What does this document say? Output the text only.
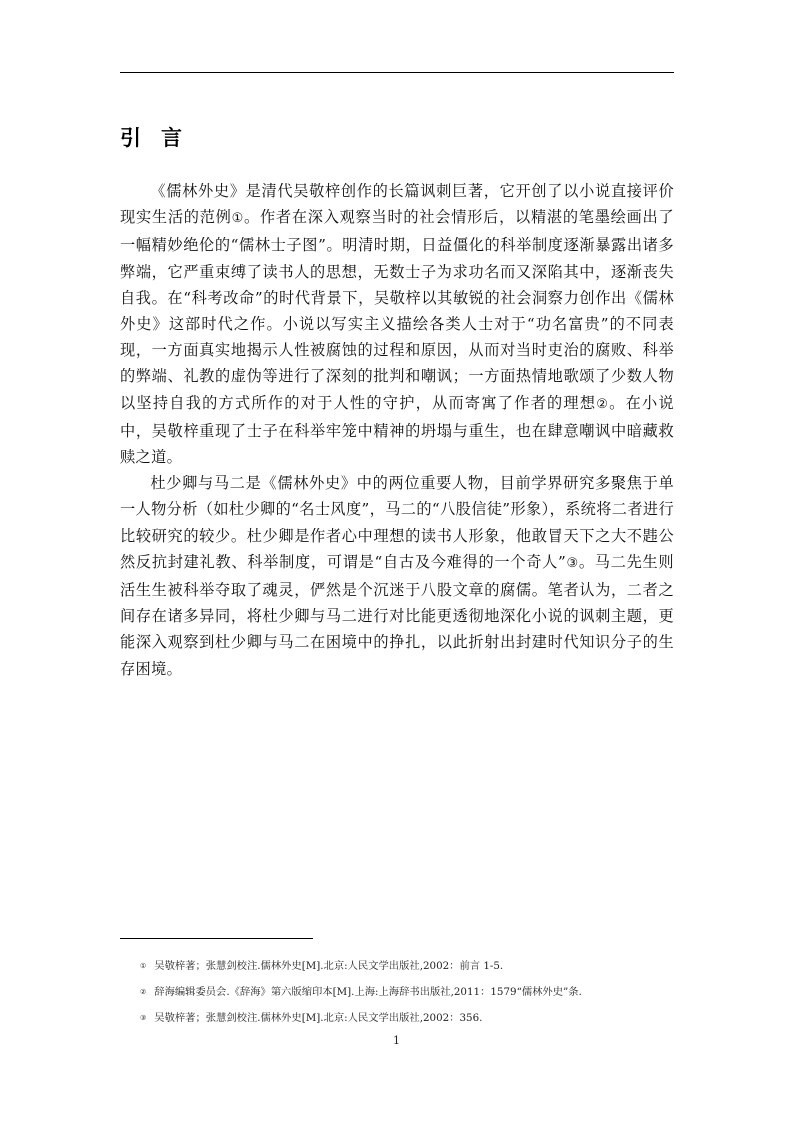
引言

《儒林外史》是清代吴敬梓创作的长篇讽刺巨著，它开创了以小说直接评价现实生活的范例①。作者在深入观察当时的社会情形后，以精湛的笔墨绘画出了一幅精妙绝伦的“儒林士子图”。明清时期，日益僵化的科举制度逐渐暴露出诸多弊端，它严重束缚了读书人的思想，无数士子为求功名而又深陷其中，逐渐丧失自我。在“科考改命”的时代背景下，吴敬梓以其敏锐的社会洞察力创作出《儒林外史》这部时代之作。小说以写实主义描绘各类人士对于“功名富贵”的不同表现，一方面真实地揭示人性被腐蚀的过程和原因，从而对当时吏治的腐败、科举的弊端、礼教的虚伪等进行了深刻的批判和嘲讽；一方面热情地歌颂了少数人物以坚持自我的方式所作的对于人性的守护，从而寄寓了作者的理想②。在小说中，吴敬梓重现了士子在科举牢笼中精神的坍塌与重生，也在肆意嘲讽中暗藏救赎之道。

杜少卿与马二是《儒林外史》中的两位重要人物，目前学界研究多聚焦于单一人物分析（如杜少卿的“名士风度”，马二的“八股信徒”形象），系统将二者进行比较研究的较少。杜少卿是作者心中理想的读书人形象，他敢冒天下之大不韪公然反抗封建礼教、科举制度，可谓是“自古及今难得的一个奇人”③。马二先生则活生生被科举夺取了魂灵，俨然是个沉迷于八股文章的腐儒。笔者认为，二者之间存在诸多异同，将杜少卿与马二进行对比能更透彻地深化小说的讽刺主题，更能深入观察到杜少卿与马二在困境中的挣扎，以此折射出封建时代知识分子的生存困境。

① 吴敬梓著；张慧剑校注.儒林外史[M].北京:人民文学出版社,2002：前言 1-5.
② 辞海编辑委员会.《辞海》第六版缩印本[M].上海:上海辞书出版社,2011：1579“儒林外史”条.
③ 吴敬梓著；张慧剑校注.儒林外史[M].北京:人民文学出版社,2002：356.
1
